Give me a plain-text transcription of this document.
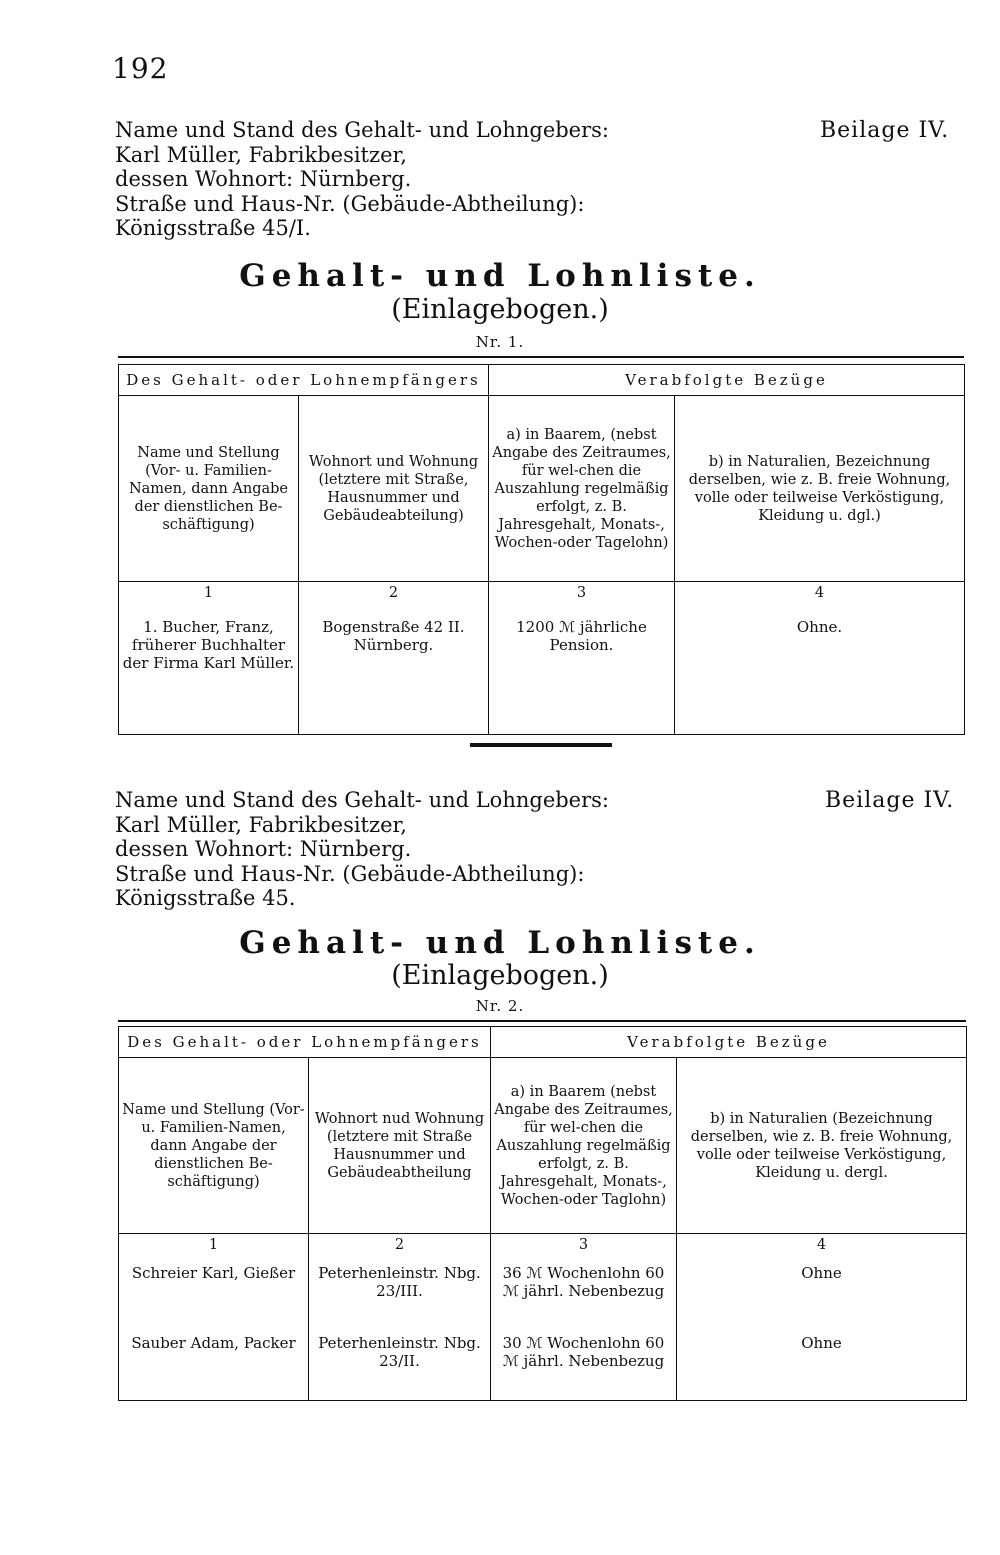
192
Name und Stand des Gehalt- und Lohngebers:
Karl Müller, Fabrikbesitzer,
dessen Wohnort: Nürnberg.
Straße und Haus-Nr. (Gebäude-Abtheilung):
Königsstraße 45/I.
Beilage IV.
Gehalt- und Lohnliste.
(Einlagebogen.)
Nr. 1.
Des Gehalt- oder Lohnempfängers		Verabfolgte Bezüge	
Name und Stellung (Vor- u. Familien-Namen, dann Angabe der dienstlichen Be-schäftigung)	Wohnort und Wohnung (letztere mit Straße, Hausnummer und Gebäudeabteilung)	a) in Baarem, (nebst Angabe des Zeitraumes, für wel-chen die Auszahlung regelmäßig erfolgt, z. B. Jahresgehalt, Monats-, Wochen-oder Tagelohn)	b) in Naturalien, Bezeichnung derselben, wie z. B. freie Wohnung, volle oder teilweise Verköstigung, Kleidung u. dgl.)
1	2	3	4
1. Bucher, Franz, früherer Buchhalter der Firma Karl Müller.	Bogenstraße 42 II. Nürnberg.	1200 ℳ jährliche Pension.	Ohne.
Name und Stand des Gehalt- und Lohngebers:
Karl Müller, Fabrikbesitzer,
dessen Wohnort: Nürnberg.
Straße und Haus-Nr. (Gebäude-Abtheilung):
Königsstraße 45.
Beilage IV.
Gehalt- und Lohnliste.
(Einlagebogen.)
Nr. 2.
Des Gehalt- oder Lohnempfängers		Verabfolgte Bezüge	
Name und Stellung (Vor- u. Familien-Namen, dann Angabe der dienstlichen Be-schäftigung)	Wohnort nud Wohnung (letztere mit Straße Hausnummer und Gebäudeabtheilung	a) in Baarem (nebst Angabe des Zeitraumes, für wel-chen die Auszahlung regelmäßig erfolgt, z. B. Jahresgehalt, Monats-, Wochen-oder Taglohn)	b) in Naturalien (Bezeichnung derselben, wie z. B. freie Wohnung, volle oder teilweise Verköstigung, Kleidung u. dergl.
1	2	3	4
Schreier Karl, Gießer	Peterhenleinstr. Nbg. 23/III.	36 ℳ Wochenlohn 60 ℳ jährl. Nebenbezug	Ohne
Sauber Adam, Packer	Peterhenleinstr. Nbg. 23/II.	30 ℳ Wochenlohn 60 ℳ jährl. Nebenbezug	Ohne
